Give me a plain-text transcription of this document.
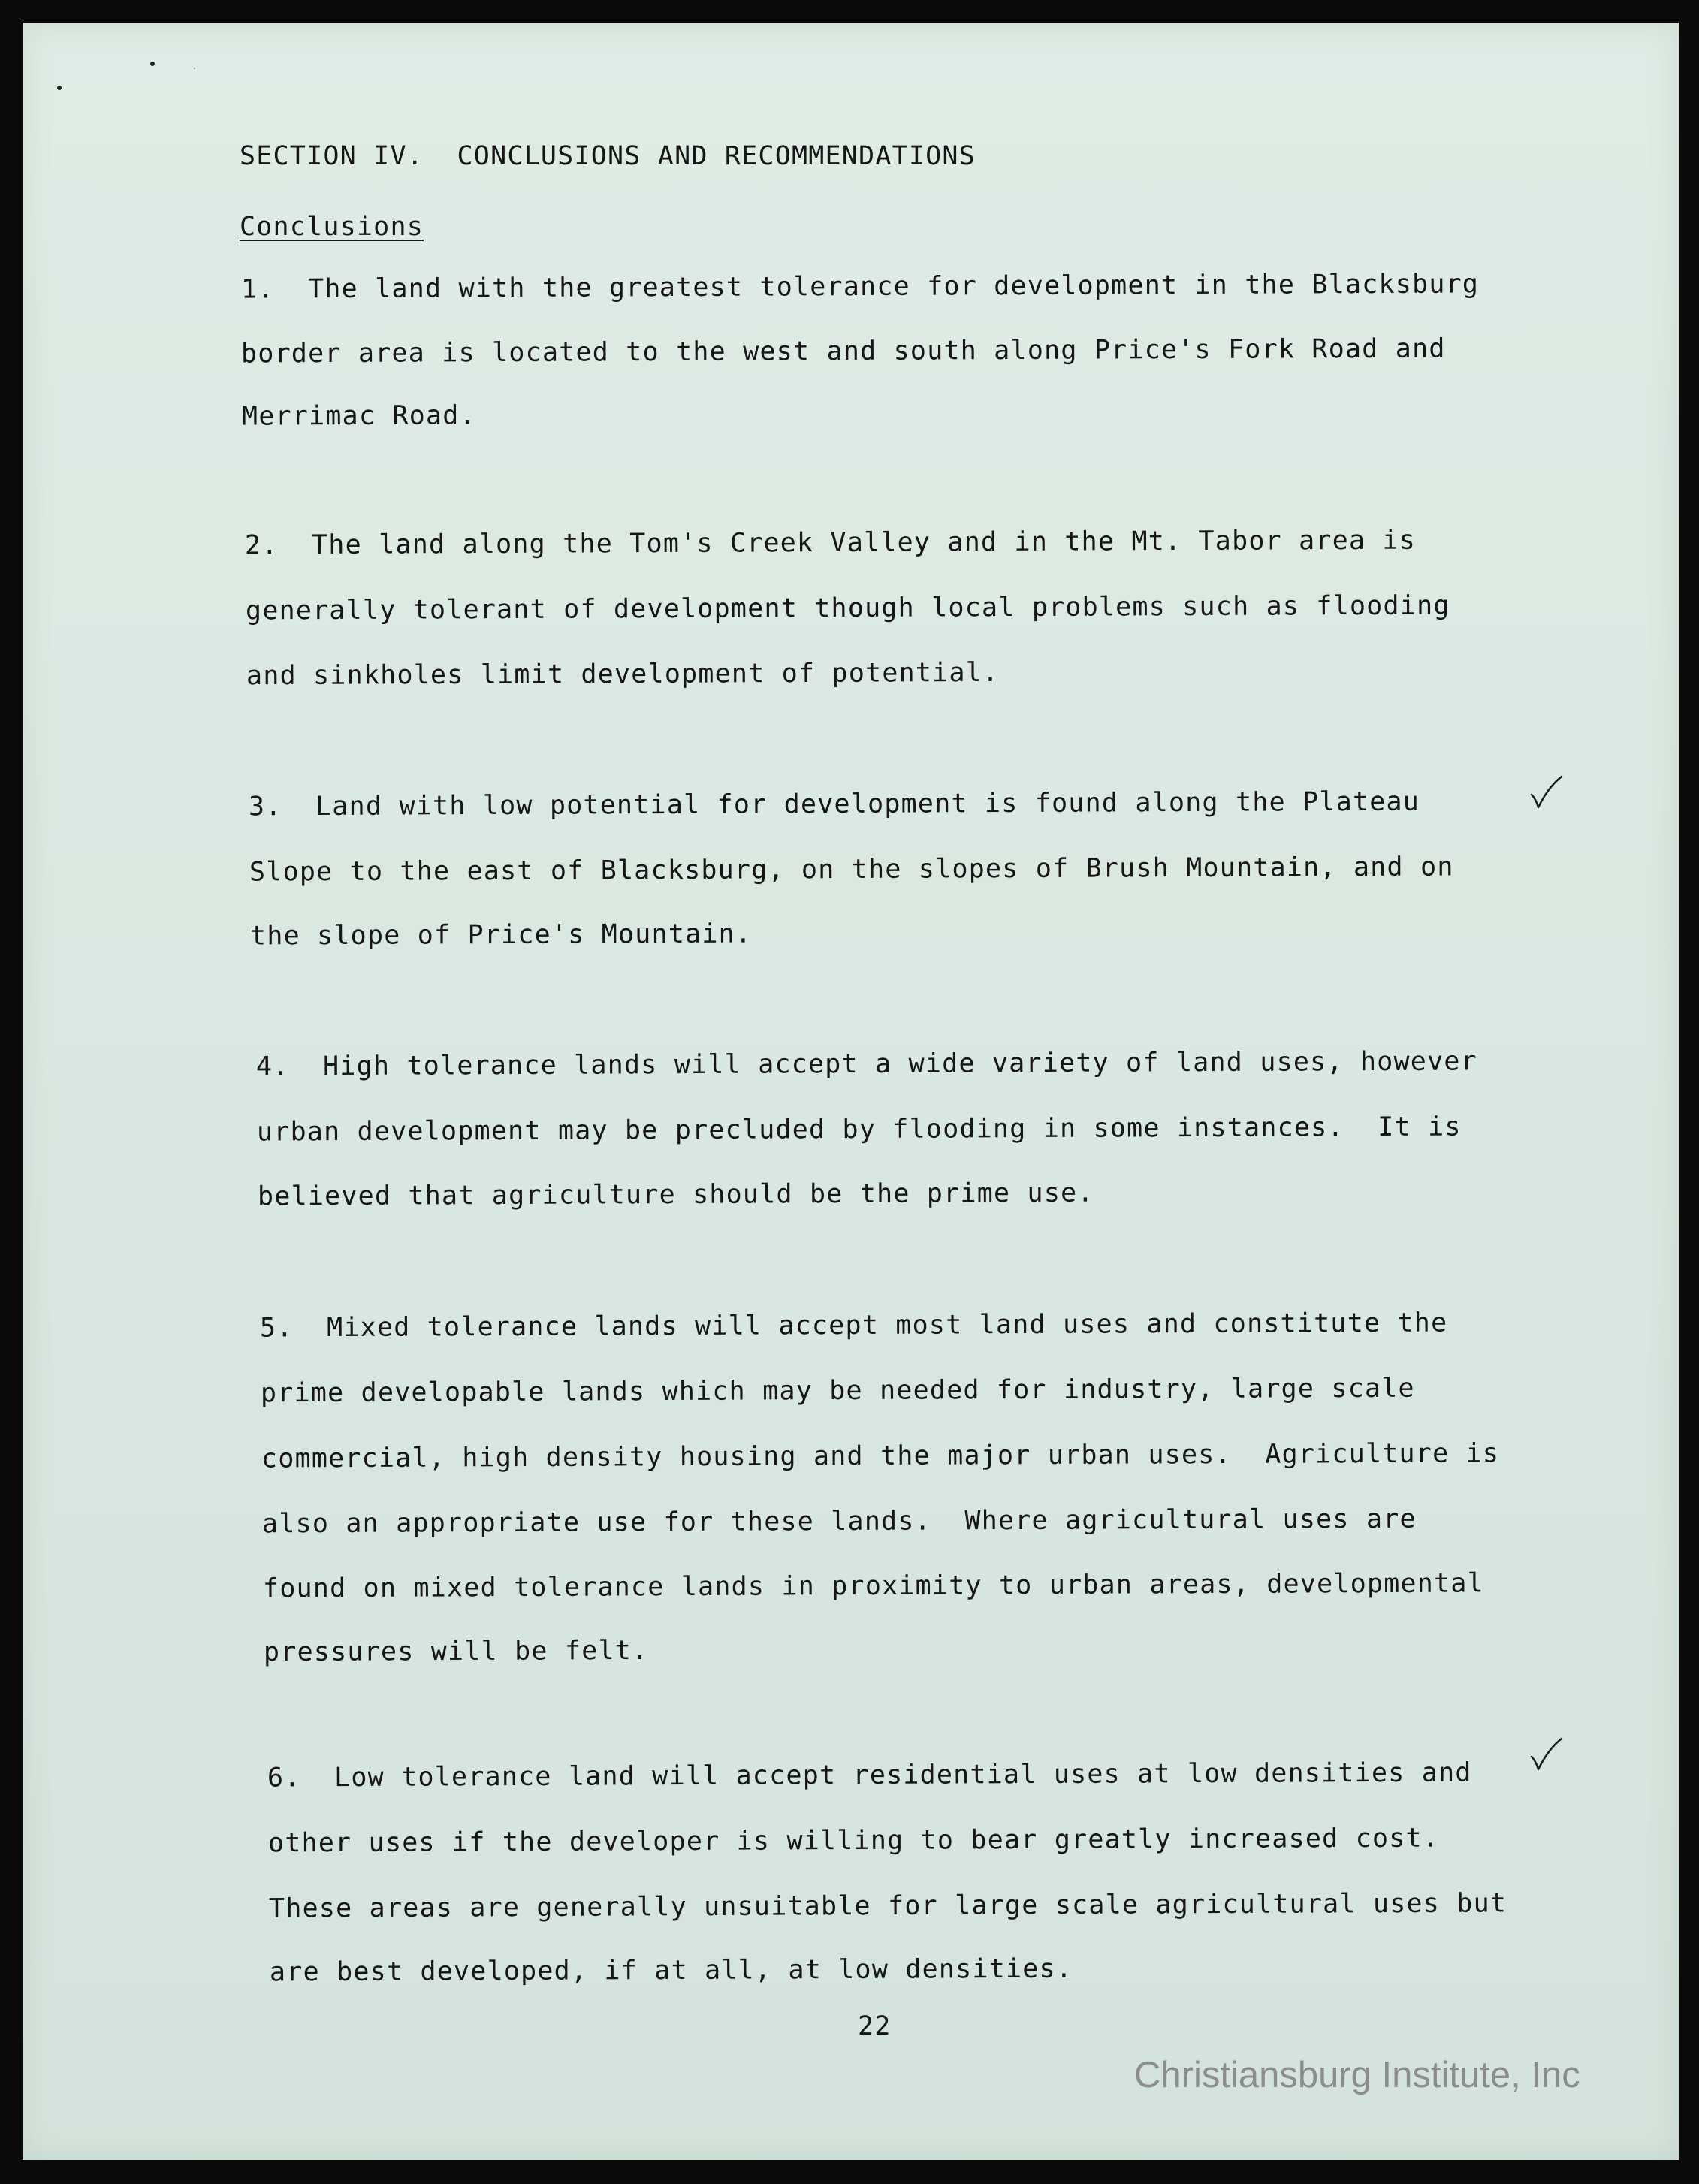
SECTION IV.  CONCLUSIONS AND RECOMMENDATIONS
Conclusions
1.  The land with the greatest tolerance for development in the Blacksburg
border area is located to the west and south along Price's Fork Road and
Merrimac Road.
2.  The land along the Tom's Creek Valley and in the Mt. Tabor area is
generally tolerant of development though local problems such as flooding
and sinkholes limit development of potential.
3.  Land with low potential for development is found along the Plateau
Slope to the east of Blacksburg, on the slopes of Brush Mountain, and on
the slope of Price's Mountain.
4.  High tolerance lands will accept a wide variety of land uses, however
urban development may be precluded by flooding in some instances.  It is
believed that agriculture should be the prime use.
5.  Mixed tolerance lands will accept most land uses and constitute the
prime developable lands which may be needed for industry, large scale
commercial, high density housing and the major urban uses.  Agriculture is
also an appropriate use for these lands.  Where agricultural uses are
found on mixed tolerance lands in proximity to urban areas, developmental
pressures will be felt.
6.  Low tolerance land will accept residential uses at low densities and
other uses if the developer is willing to bear greatly increased cost.
These areas are generally unsuitable for large scale agricultural uses but
are best developed, if at all, at low densities.
22
Christiansburg Institute, Inc
